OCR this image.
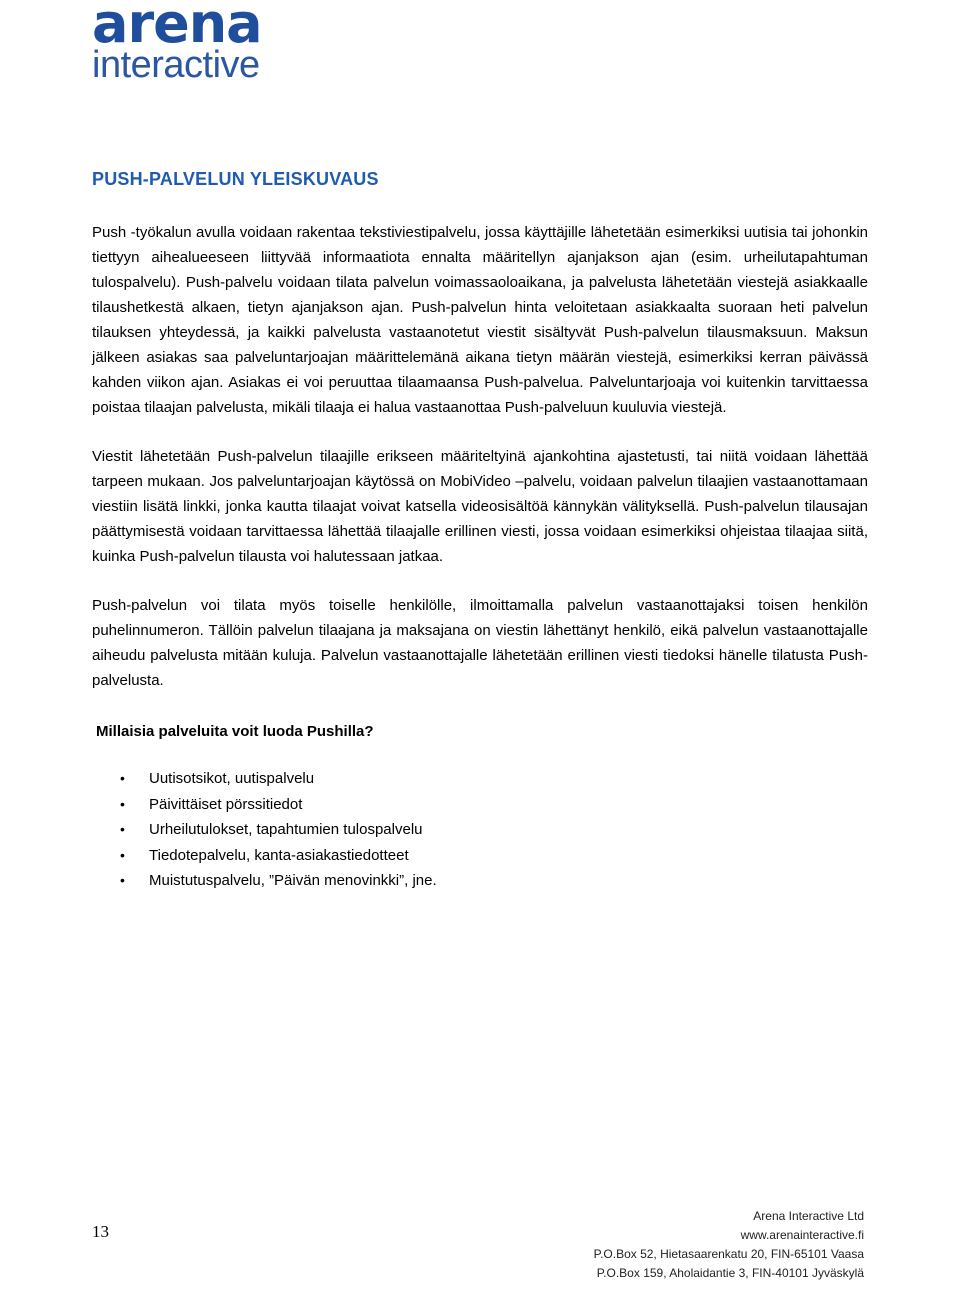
arena
interactive
PUSH-PALVELUN YLEISKUVAUS

Push -työkalun avulla voidaan rakentaa tekstiviestipalvelu, jossa käyttäjille lähetetään esimerkiksi uutisia tai johonkin tiettyyn aihealueeseen liittyvää informaatiota ennalta määritellyn ajanjakson ajan (esim. urheilutapahtuman tulospalvelu). Push-palvelu voidaan tilata palvelun voimassaoloaikana, ja palvelusta lähetetään viestejä asiakkaalle tilaushetkestä alkaen, tietyn ajanjakson ajan. Push-palvelun hinta veloitetaan asiakkaalta suoraan heti palvelun tilauksen yhteydessä, ja kaikki palvelusta vastaanotetut viestit sisältyvät Push-palvelun tilausmaksuun. Maksun jälkeen asiakas saa palveluntarjoajan määrittelemänä aikana tietyn määrän viestejä, esimerkiksi kerran päivässä kahden viikon ajan. Asiakas ei voi peruuttaa tilaamaansa Push-palvelua. Palveluntarjoaja voi kuitenkin tarvittaessa poistaa tilaajan palvelusta, mikäli tilaaja ei halua vastaanottaa Push-palveluun kuuluvia viestejä.

Viestit lähetetään Push-palvelun tilaajille erikseen määriteltyinä ajankohtina ajastetusti, tai niitä voidaan lähettää tarpeen mukaan. Jos palveluntarjoajan käytössä on MobiVideo –palvelu, voidaan palvelun tilaajien vastaanottamaan viestiin lisätä linkki, jonka kautta tilaajat voivat katsella videosisältöä kännykän välityksellä. Push-palvelun tilausajan päättymisestä voidaan tarvittaessa lähettää tilaajalle erillinen viesti, jossa voidaan esimerkiksi ohjeistaa tilaajaa siitä, kuinka Push-palvelun tilausta voi halutessaan jatkaa.

Push-palvelun voi tilata myös toiselle henkilölle, ilmoittamalla palvelun vastaanottajaksi toisen henkilön puhelinnumeron. Tällöin palvelun tilaajana ja maksajana on viestin lähettänyt henkilö, eikä palvelun vastaanottajalle aiheudu palvelusta mitään kuluja. Palvelun vastaanottajalle lähetetään erillinen viesti tiedoksi hänelle tilatusta Push-palvelusta.

Millaisia palveluita voit luoda Pushilla?
• Uutisotsikot, uutispalvelu
• Päivittäiset pörssitiedot
• Urheilutulokset, tapahtumien tulospalvelu
• Tiedotepalvelu, kanta-asiakastiedotteet
• Muistutuspalvelu, ”Päivän menovinkki”, jne.
13
Arena Interactive Ltd
www.arenainteractive.fi
P.O.Box 52, Hietasaarenkatu 20, FIN-65101 Vaasa
P.O.Box 159, Aholaidantie 3, FIN-40101 Jyväskylä
